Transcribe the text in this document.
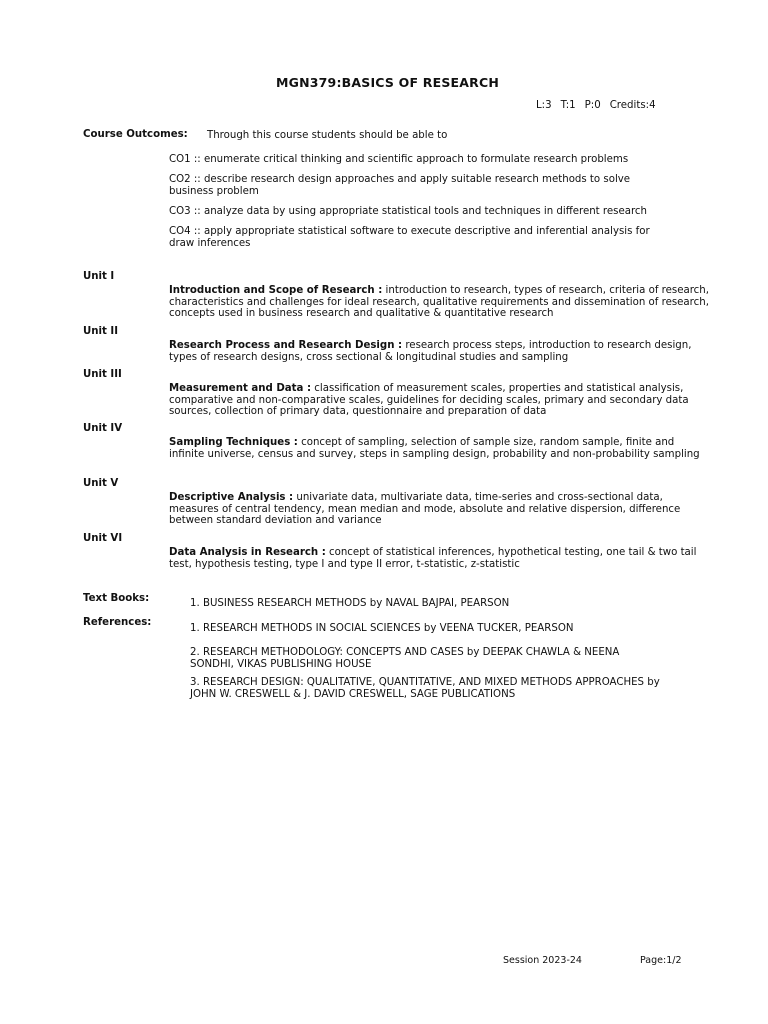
MGN379:BASICS OF RESEARCH
L:3 T:1 P:0 Credits:4
Course Outcomes: Through this course students should be able to
CO1 :: enumerate critical thinking and scientific approach to formulate research problems
CO2 :: describe research design approaches and apply suitable research methods to solve business problem
CO3 :: analyze data by using appropriate statistical tools and techniques in different research
CO4 :: apply appropriate statistical software to execute descriptive and inferential analysis for draw inferences
Unit I
Introduction and Scope of Research : introduction to research, types of research, criteria of research, characteristics and challenges for ideal research, qualitative requirements and dissemination of research, concepts used in business research and qualitative & quantitative research
Unit II
Research Process and Research Design : research process steps, introduction to research design, types of research designs, cross sectional & longitudinal studies and sampling
Unit III
Measurement and Data : classification of measurement scales, properties and statistical analysis, comparative and non-comparative scales, guidelines for deciding scales, primary and secondary data sources, collection of primary data, questionnaire and preparation of data
Unit IV
Sampling Techniques : concept of sampling, selection of sample size, random sample, finite and infinite universe, census and survey, steps in sampling design, probability and non-probability sampling
Unit V
Descriptive Analysis : univariate data, multivariate data, time-series and cross-sectional data, measures of central tendency, mean median and mode, absolute and relative dispersion, difference between standard deviation and variance
Unit VI
Data Analysis in Research : concept of statistical inferences, hypothetical testing, one tail & two tail test, hypothesis testing, type I and type II error, t-statistic, z-statistic
Text Books:	1. BUSINESS RESEARCH METHODS by NAVAL BAJPAI, PEARSON
References:
1. RESEARCH METHODS IN SOCIAL SCIENCES by VEENA TUCKER, PEARSON
2. RESEARCH METHODOLOGY: CONCEPTS AND CASES by DEEPAK CHAWLA & NEENA SONDHI, VIKAS PUBLISHING HOUSE
3. RESEARCH DESIGN: QUALITATIVE, QUANTITATIVE, AND MIXED METHODS APPROACHES by JOHN W. CRESWELL & J. DAVID CRESWELL, SAGE PUBLICATIONS
Session 2023-24	Page:1/2
